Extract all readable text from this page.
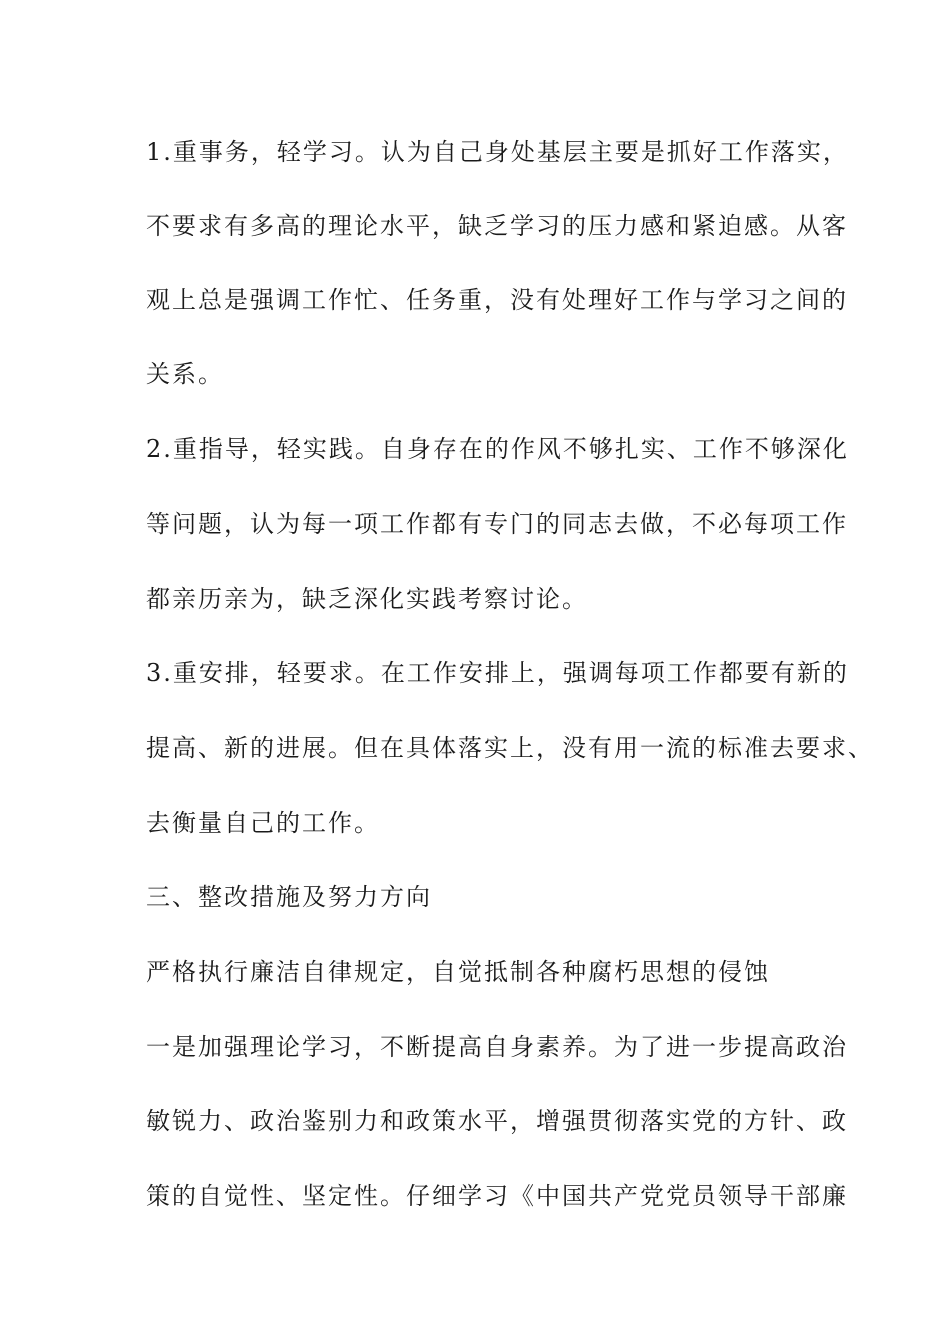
1.重事务，轻学习。认为自己身处基层主要是抓好工作落实，
不要求有多高的理论水平，缺乏学习的压力感和紧迫感。从客
观上总是强调工作忙、任务重，没有处理好工作与学习之间的
关系。
2.重指导，轻实践。自身存在的作风不够扎实、工作不够深化
等问题，认为每一项工作都有专门的同志去做，不必每项工作
都亲历亲为，缺乏深化实践考察讨论。
3.重安排，轻要求。在工作安排上，强调每项工作都要有新的
提高、新的进展。但在具体落实上，没有用一流的标准去要求、
去衡量自己的工作。
三、整改措施及努力方向
严格执行廉洁自律规定，自觉抵制各种腐朽思想的侵蚀
一是加强理论学习，不断提高自身素养。为了进一步提高政治
敏锐力、政治鉴别力和政策水平，增强贯彻落实党的方针、政
策的自觉性、坚定性。仔细学习《中国共产党党员领导干部廉
